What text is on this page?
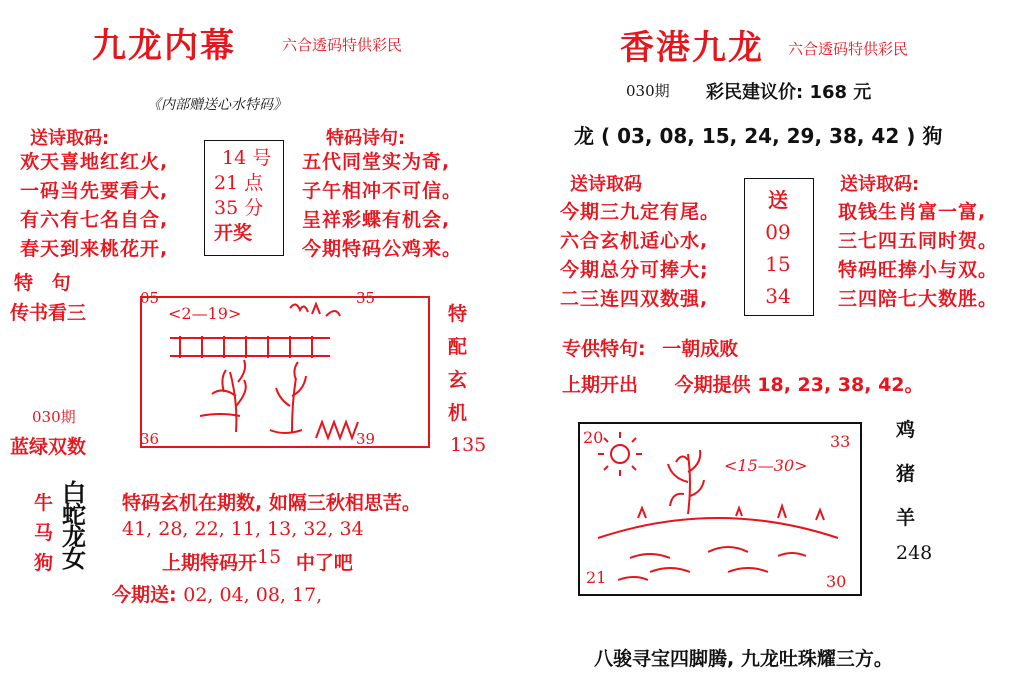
九龙内幕	六合透码特供彩民
《内部赠送心水特码》
送诗取码:
欢天喜地红红火,
一码当先要看大,
有六有七名自合,
春天到来桃花开,
14 号
21 点
35 分
开奖
特码诗句:
五代同堂实为奇,
子午相冲不可信。
呈祥彩蝶有机会,
今期特码公鸡来。
特 句
传书看三
05	35
<2—19>
36	39
特
配
玄
机
135
030期
蓝绿双数
牛
马
狗
白
蛇
龙
女
特码玄机在期数, 如隔三秋相思苦。
41, 28, 22, 11, 13, 32, 34
上期特码开15 中了吧
今期送: 02, 04, 08, 17,
香港九龙 六合透码特供彩民
030期 彩民建议价: 168 元
龙 ( 03, 08, 15, 24, 29, 38, 42 ) 狗
送诗取码
今期三九定有尾。
六合玄机适心水,
今期总分可捧大;
二三连四双数强,
送
09
15
34
送诗取码:
取钱生肖富一富,
三七四五同时贺。
特码旺捧小与双。
三四陪七大数胜。
专供特句: 一朝成败
上期开出 今期提供 18, 23, 38, 42。
20	33
<15—30>
21	30
鸡
猪
羊
248
八骏寻宝四脚腾, 九龙吐珠耀三方。
